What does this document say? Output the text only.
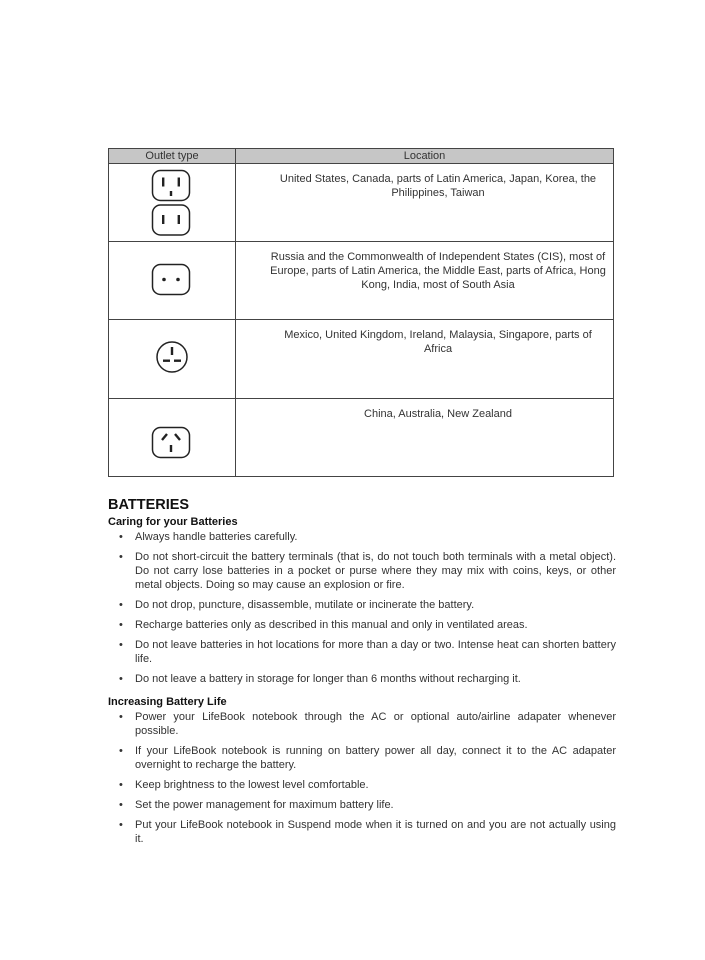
Outlet type	Location
United States, Canada, parts of Latin America, Japan, Korea, the Philippines, Taiwan
Russia and the Commonwealth of Independent States (CIS), most of Europe, parts of Latin America, the Middle East, parts of Africa, Hong Kong, India, most of South Asia
Mexico, United Kingdom, Ireland, Malaysia, Singapore, parts of Africa
China, Australia, New Zealand
BATTERIES
Caring for your Batteries
• Always handle batteries carefully.
• Do not short-circuit the battery terminals (that is, do not touch both terminals with a metal object). Do not carry lose batteries in a pocket or purse where they may mix with coins, keys, or other metal objects. Doing so may cause an explosion or fire.
• Do not drop, puncture, disassemble, mutilate or incinerate the battery.
• Recharge batteries only as described in this manual and only in ventilated areas.
• Do not leave batteries in hot locations for more than a day or two. Intense heat can shorten battery life.
• Do not leave a battery in storage for longer than 6 months without recharging it.
Increasing Battery Life
• Power your LifeBook notebook through the AC or optional auto/airline adapater whenever possible.
• If your LifeBook notebook is running on battery power all day, connect it to the AC adapater overnight to recharge the battery.
• Keep brightness to the lowest level comfortable.
• Set the power management for maximum battery life.
• Put your LifeBook notebook in Suspend mode when it is turned on and you are not actually using it.
